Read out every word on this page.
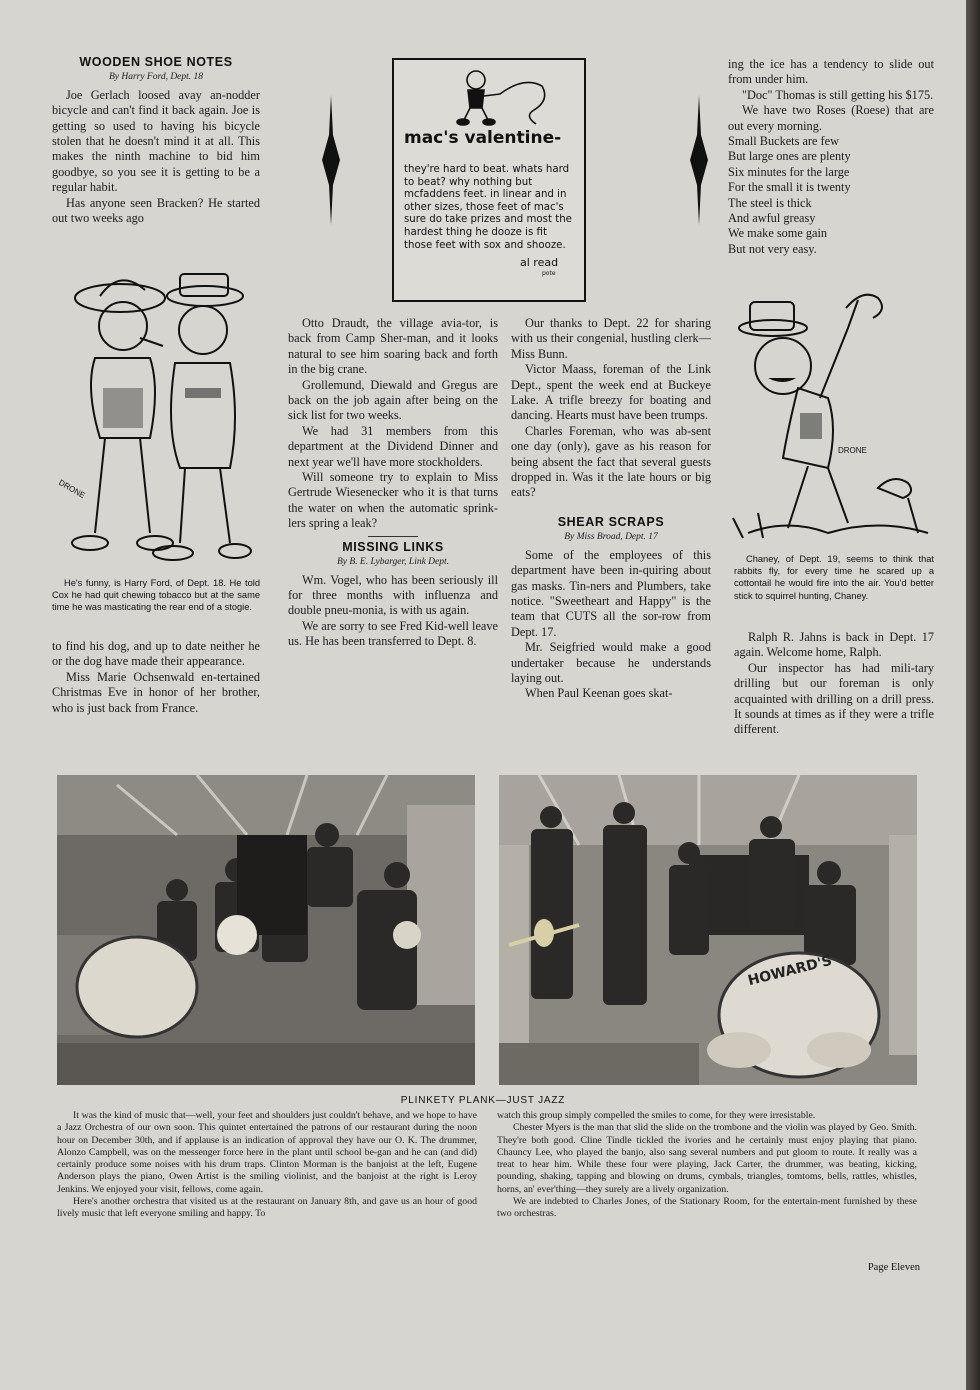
WOODEN SHOE NOTES
By Harry Ford, Dept. 18

Joe Gerlach loosed avay an-nodder bicycle and can't find it back again. Joe is getting so used to having his bicycle stolen that he doesn't mind it at all. This makes the ninth machine to bid him goodbye, so you see it is getting to be a regular habit.

Has anyone seen Bracken? He started out two weeks ago

DRONE

He's funny, is Harry Ford, of Dept. 18. He told Cox he had quit chewing tobacco but at the same time he was masticating the rear end of a stogie.

to find his dog, and up to date neither he or the dog have made their appearance.

Miss Marie Ochsenwald en-tertained Christmas Eve in honor of her brother, who is just back from France.

mac's valentine-
they're hard to beat. whats hard to beat? why nothing but mcfaddens feet. in linear and in other sizes, those feet of mac's sure do take prizes and most the hardest thing he dooze is fit those feet with sox and shooze.
al read
pote

Otto Draudt, the village avia-tor, is back from Camp Sher-man, and it looks natural to see him soaring back and forth in the big crane.

Grollemund, Diewald and Gregus are back on the job again after being on the sick list for two weeks.

We had 31 members from this department at the Dividend Dinner and next year we'll have more stockholders.

Will someone try to explain to Miss Gertrude Wiesenecker who it is that turns the water on when the automatic sprink-lers spring a leak?

MISSING LINKS
By B. E. Lybarger, Link Dept.

Wm. Vogel, who has been seriously ill for three months with influenza and double pneu-monia, is with us again.

We are sorry to see Fred Kid-well leave us. He has been transferred to Dept. 8.

Our thanks to Dept. 22 for sharing with us their congenial, hustling clerk—Miss Bunn.

Victor Maass, foreman of the Link Dept., spent the week end at Buckeye Lake. A trifle breezy for boating and dancing. Hearts must have been trumps.

Charles Foreman, who was ab-sent one day (only), gave as his reason for being absent the fact that several guests dropped in. Was it the late hours or big eats?

SHEAR SCRAPS
By Miss Broad, Dept. 17

Some of the employees of this department have been in-quiring about gas masks. Tin-ners and Plumbers, take notice. "Sweetheart and Happy" is the team that CUTS all the sor-row from Dept. 17.

Mr. Seigfried would make a good undertaker because he understands laying out.

When Paul Keenan goes skat-

ing the ice has a tendency to slide out from under him.

"Doc" Thomas is still getting his $175.

We have two Roses (Roese) that are out every morning.

Small Buckets are few

But large ones are plenty

Six minutes for the large

For the small it is twenty

The steel is thick

And awful greasy

We make some gain

But not very easy.

DRONE

Chaney, of Dept. 19, seems to think that rabbits fly, for every time he scared up a cottontail he would fire into the air. You'd better stick to squirrel hunting, Chaney.

Ralph R. Jahns is back in Dept. 17 again. Welcome home, Ralph.

Our inspector has had mili-tary drilling but our foreman is only acquainted with drilling on a drill press. It sounds at times as if they were a trifle different.

HOWARD'S
PLINKETY PLANK—JUST JAZZ

It was the kind of music that—well, your feet and shoulders just couldn't behave, and we hope to have a Jazz Orchestra of our own soon. This quintet entertained the patrons of our restaurant during the noon hour on December 30th, and if applause is an indication of approval they have our O. K. The drummer, Alonzo Campbell, was on the messenger force here in the plant until school be-gan and he can (and did) certainly produce some noises with his drum traps. Clinton Morman is the banjoist at the left, Eugene Anderson plays the piano, Owen Artist is the smiling violinist, and the banjoist at the right is Leroy Jenkins. We enjoyed your visit, fellows, come again.

Here's another orchestra that visited us at the restaurant on January 8th, and gave us an hour of good lively music that left everyone smiling and happy. To

watch this group simply compelled the smiles to come, for they were irresistable.

Chester Myers is the man that slid the slide on the trombone and the violin was played by Geo. Smith. They're both good. Cline Tindle tickled the ivories and he certainly must enjoy playing that piano. Chauncy Lee, who played the banjo, also sang several numbers and put gloom to route. It really was a treat to hear him. While these four were playing, Jack Carter, the drummer, was beating, kicking, pounding, shaking, tapping and blowing on drums, cymbals, triangles, tomtoms, bells, rattles, whistles, horns, an' ever'thing—they surely are a lively organization.

We are indebted to Charles Jones, of the Stationary Room, for the entertain-ment furnished by these two orchestras.

Page Eleven
